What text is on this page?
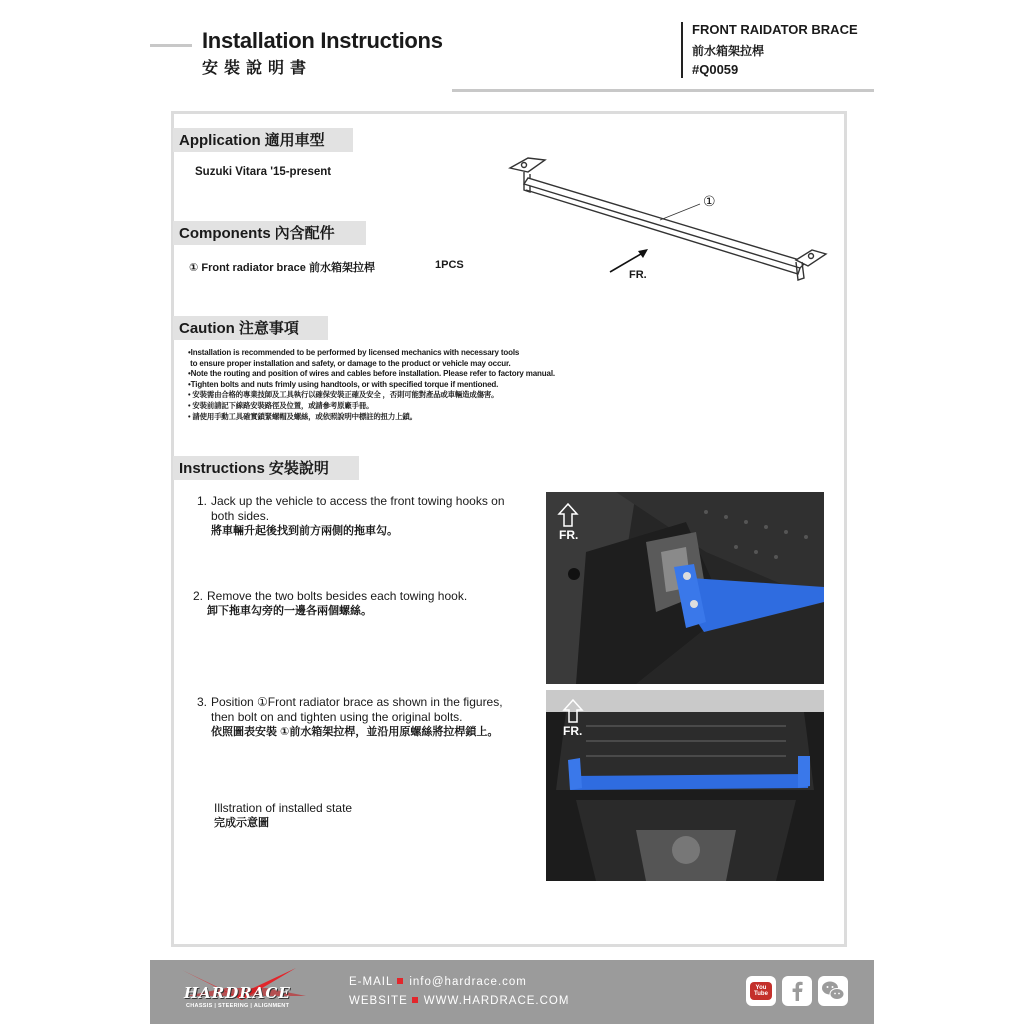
Installation Instructions
安裝說明書
FRONT RAIDATOR BRACE
前水箱架拉桿
#Q0059
Application 適用車型
Suzuki Vitara '15-present
Components 內含配件
① Front radiator brace 前水箱架拉桿	1PCS
①
FR.
Caution 注意事項
•Installation is recommended to be performed by licensed mechanics with necessary tools
to ensure proper installation and safety, or damage to the product or vehicle may occur.
•Note the routing and position of wires and cables before installation. Please refer to factory manual.
•Tighten bolts and nuts frimly using handtools, or with specified torque if mentioned.
• 安裝需由合格的專業技師及工具執行以確保安裝正確及安全 ，否則可能對產品或車輛造成傷害。
• 安裝前請記下線路安裝路徑及位置，或請參考原廠手冊。
• 請使用手動工具確實鎖緊螺帽及螺絲，或依照說明中標註的扭力上鎖。
Instructions 安裝說明
1. Jack up the vehicle to access the front towing hooks on
both sides.
將車輛升起後找到前方兩側的拖車勾。
2. Remove the two bolts besides each towing hook.
卸下拖車勾旁的一邊各兩個螺絲。
3. Position ①Front radiator brace as shown in the figures,
then bolt on and tighten using the original bolts.
依照圖表安裝 ①前水箱架拉桿，並沿用原螺絲將拉桿鎖上。
Illstration of installed state
完成示意圖
FR.
FR.
HARDRACE
CHASSIS | STEERING | ALIGNMENT
E-MAIL info@hardrace.com
WEBSITE WWW.HARDRACE.COM
You Tube
